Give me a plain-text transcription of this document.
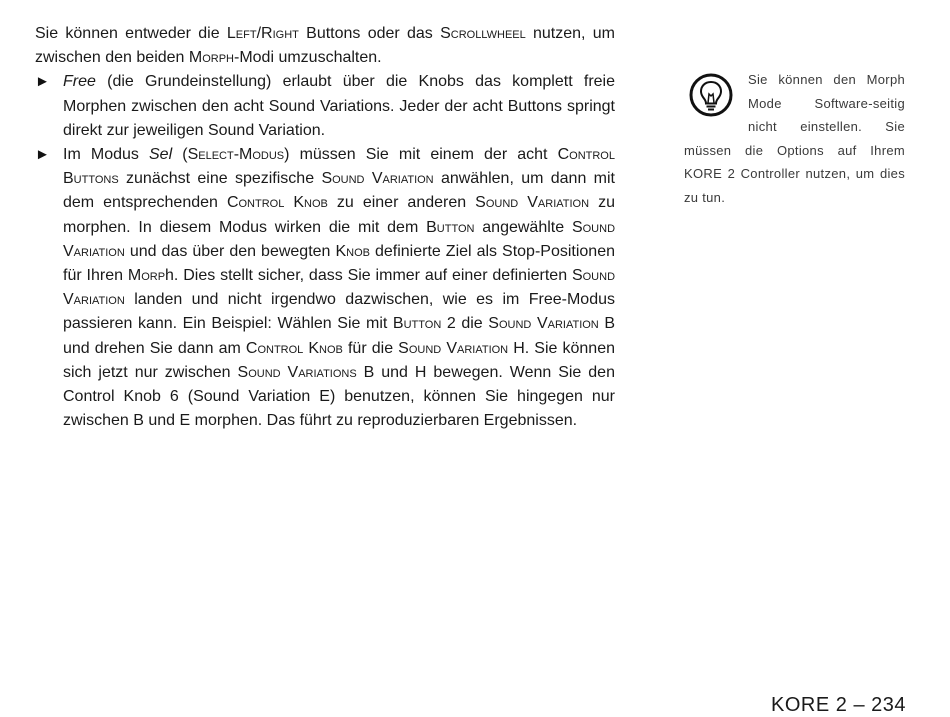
Sie können entweder die Left/Right Buttons oder das Scrollwheel nutzen, um zwischen den beiden Morph-Modi umzuschalten.

► Free (die Grundeinstellung) erlaubt über die Knobs das komplett freie Morphen zwischen den acht Sound Variations. Jeder der acht Buttons springt direkt zur jeweiligen Sound Variation.

► Im Modus Sel (Select-Modus) müssen Sie mit einem der acht Control Buttons zunächst eine spezifische Sound Variation anwählen, um dann mit dem entsprechenden Control Knob zu einer anderen Sound Variation zu morphen. In diesem Modus wirken die mit dem Button angewählte Sound Variation und das über den bewegten Knob definierte Ziel als Stop-Positionen für Ihren Morph. Dies stellt sicher, dass Sie immer auf einer definierten Sound Variation landen und nicht irgendwo dazwischen, wie es im Free-Modus passieren kann. Ein Beispiel: Wählen Sie mit Button 2 die Sound Variation B und drehen Sie dann am Control Knob für die Sound Variation H. Sie können sich jetzt nur zwischen Sound Variations B und H bewegen. Wenn Sie den Control Knob 6 (Sound Variation E) benutzen, können Sie hingegen nur zwischen B und E morphen. Das führt zu reproduzierbaren Ergebnissen.

Sie können den Morph Mode Software-seitig nicht einstellen. Sie müssen die Options auf Ihrem KORE 2 Controller nutzen, um dies zu tun.
KORE 2 – 234
